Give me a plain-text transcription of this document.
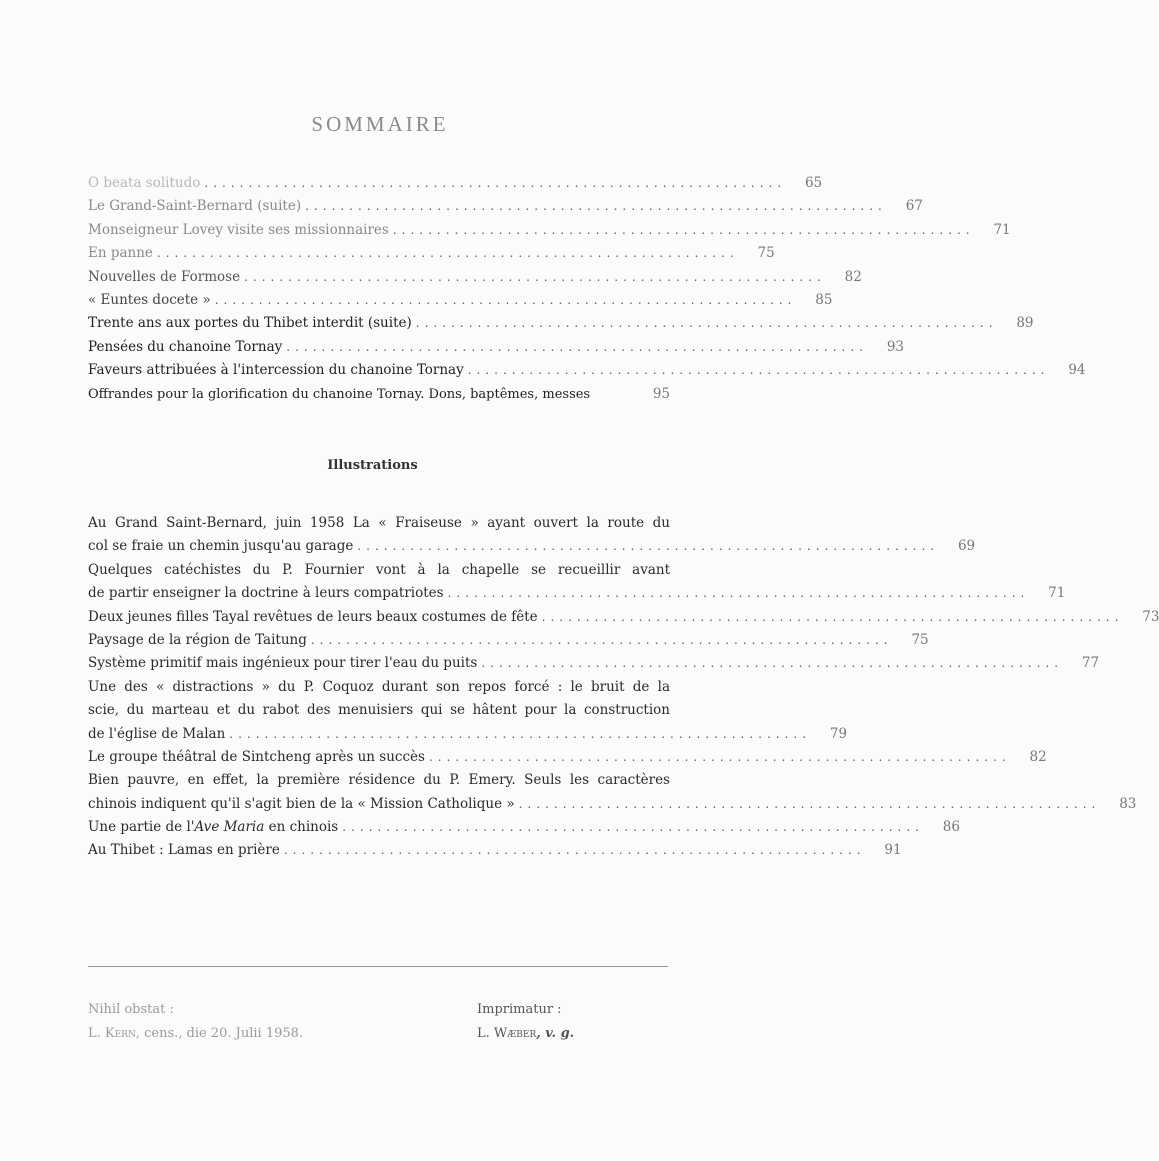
SOMMAIRE
O beata solitudo ..................................................................	65
Le Grand-Saint-Bernard (suite) ..................................................................	67
Monseigneur Lovey visite ses missionnaires ..................................................................	71
En panne ..................................................................	75
Nouvelles de Formose ..................................................................	82
« Euntes docete » ..................................................................	85
Trente ans aux portes du Thibet interdit (suite) ..................................................................	89
Pensées du chanoine Tornay ..................................................................	93
Faveurs attribuées à l'intercession du chanoine Tornay ..................................................................	94
Offrandes pour la glorification du chanoine Tornay. Dons, baptêmes, messes	95
Illustrations
Au Grand Saint-Bernard, juin 1958 La « Fraiseuse » ayant ouvert la route du
col se fraie un chemin jusqu'au garage ..................................................................	69
Quelques catéchistes du P. Fournier vont à la chapelle se recueillir avant
de partir enseigner la doctrine à leurs compatriotes ..................................................................	71
Deux jeunes filles Tayal revêtues de leurs beaux costumes de fête ..................................................................	73
Paysage de la région de Taitung ..................................................................	75
Système primitif mais ingénieux pour tirer l'eau du puits ..................................................................	77
Une des « distractions » du P. Coquoz durant son repos forcé : le bruit de la
scie, du marteau et du rabot des menuisiers qui se hâtent pour la construction
de l'église de Malan ..................................................................	79
Le groupe théâtral de Sintcheng après un succès ..................................................................	82
Bien pauvre, en effet, la première résidence du P. Emery. Seuls les caractères
chinois indiquent qu'il s'agit bien de la « Mission Catholique » ..................................................................	83
Une partie de l'Ave Maria en chinois ..................................................................	86
Au Thibet : Lamas en prière ..................................................................	91
Nihil obstat :
L. Kern, cens., die 20. Julii 1958.
Imprimatur :
L. Wæber, v. g.
